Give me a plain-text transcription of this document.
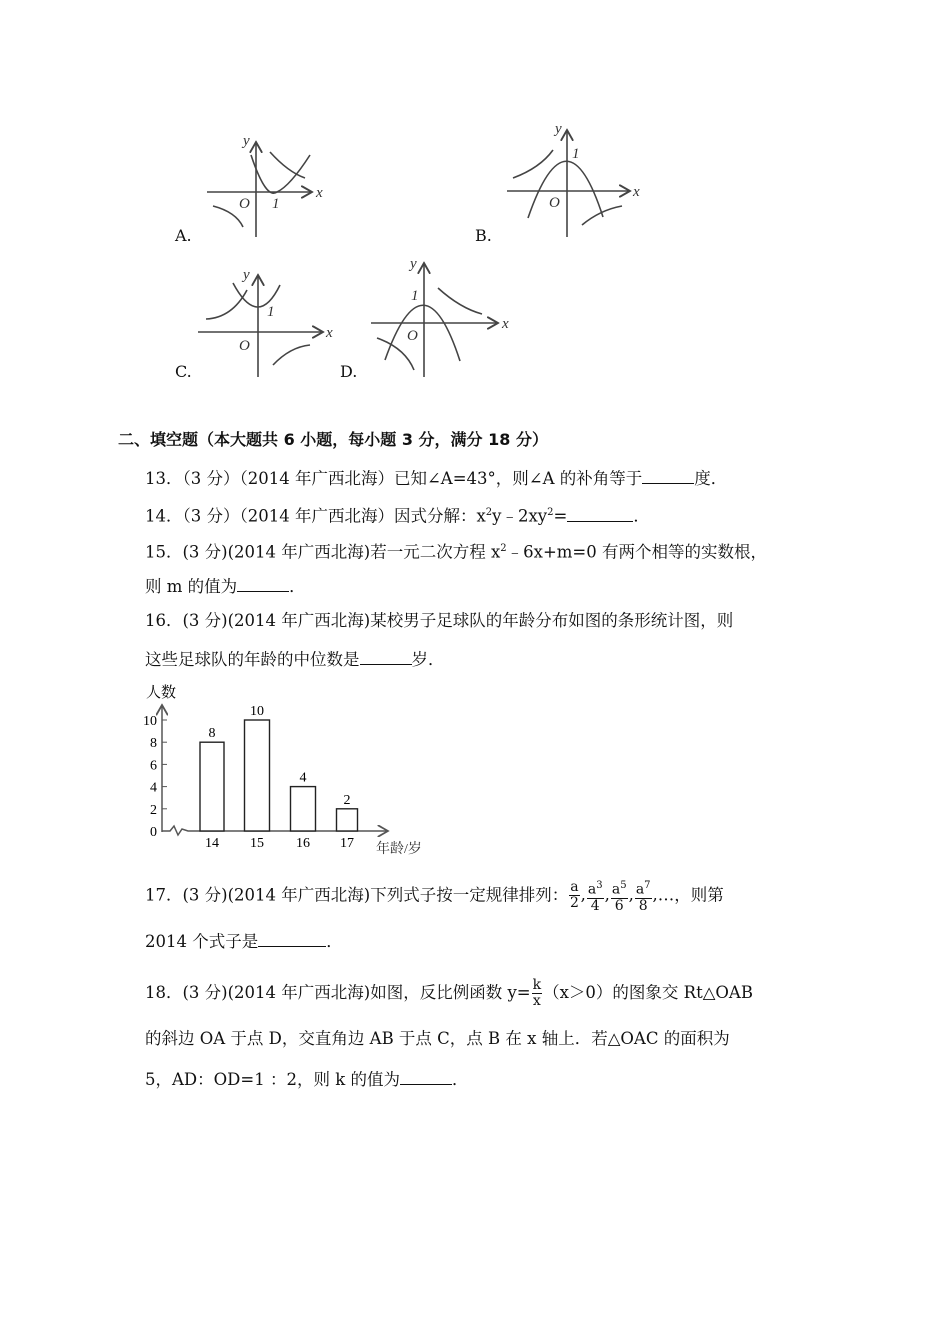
x
y
O 1
x
y
O
1
x
y
O
1
x
y
O
1
A.	B.
C.	D.
二、填空题（本大题共 6 小题，每小题 3 分，满分 18 分）
13．（3 分）（2014 年广西北海）已知∠A=43°，则∠A 的补角等于	度．
14．（3 分）（2014 年广西北海）因式分解：$x^2y﹣2xy^2=$	．
15．(3 分)(2014 年广西北海)若一元二次方程 $x^2﹣6x+m=0$ 有两个相等的实数根，
则 m 的值为	．
16．(3 分)(2014 年广西北海)某校男子足球队的年龄分布如图的条形统计图，则
这些足球队的年龄的中位数是	岁．
人数
年龄/岁
0
2
4
6
8
10
8
14
10
15
4
16
2
17
17．(3 分)(2014 年广西北海)下列式子按一定规律排列： $\frac{a}{2}$ , $\frac{a^3}{4}$ , $\frac{a^5}{6}$ , $\frac{a^7}{8}$ ,…，则第
2014 个式子是	．
18．(3 分)(2014 年广西北海)如图，反比例函数 $y= \frac{k}{x} (x>0)$的图象交 Rt△OAB
的斜边 OA 于点 D，交直角边 AB 于点 C，点 B 在 x 轴上．若△OAC 的面积为
5，AD：OD=1 ：2，则 k 的值为	．
